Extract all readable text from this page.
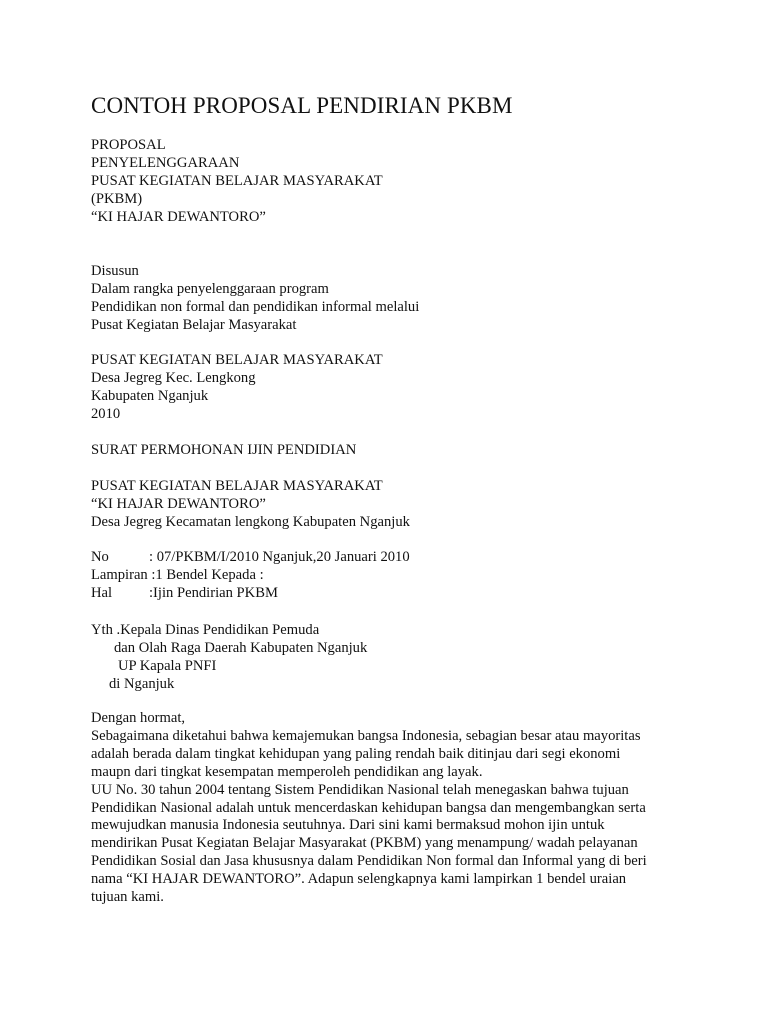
CONTOH PROPOSAL PENDIRIAN PKBM
PROPOSAL
PENYELENGGARAAN
PUSAT KEGIATAN BELAJAR MASYARAKAT
(PKBM)
“KI HAJAR DEWANTORO”
Disusun
Dalam rangka penyelenggaraan program
Pendidikan non formal dan pendidikan informal melalui
Pusat Kegiatan Belajar Masyarakat
PUSAT KEGIATAN BELAJAR MASYARAKAT
Desa Jegreg Kec. Lengkong
Kabupaten Nganjuk
2010
SURAT PERMOHONAN IJIN PENDIDIAN
PUSAT KEGIATAN BELAJAR MASYARAKAT
“KI HAJAR DEWANTORO”
Desa Jegreg Kecamatan lengkong Kabupaten Nganjuk
No	: 07/PKBM/I/2010 Nganjuk,20 Januari 2010
Lampiran :1 Bendel Kepada :
Hal	:Ijin Pendirian PKBM
Yth .Kepala Dinas Pendidikan Pemuda
dan Olah Raga Daerah Kabupaten Nganjuk
UP Kapala PNFI
di Nganjuk
Dengan hormat,
Sebagaimana diketahui bahwa kemajemukan bangsa Indonesia, sebagian besar atau mayoritas
adalah berada dalam tingkat kehidupan yang paling rendah baik ditinjau dari segi ekonomi
maupn dari tingkat kesempatan memperoleh pendidikan ang layak.
UU No. 30 tahun 2004 tentang Sistem Pendidikan Nasional telah menegaskan bahwa tujuan
Pendidikan Nasional adalah untuk mencerdaskan kehidupan bangsa dan mengembangkan serta
mewujudkan manusia Indonesia seutuhnya. Dari sini kami bermaksud mohon ijin untuk
mendirikan Pusat Kegiatan Belajar Masyarakat (PKBM) yang menampung/ wadah pelayanan
Pendidikan Sosial dan Jasa khususnya dalam Pendidikan Non formal dan Informal yang di beri
nama “KI HAJAR DEWANTORO”. Adapun selengkapnya kami lampirkan 1 bendel uraian
tujuan kami.
